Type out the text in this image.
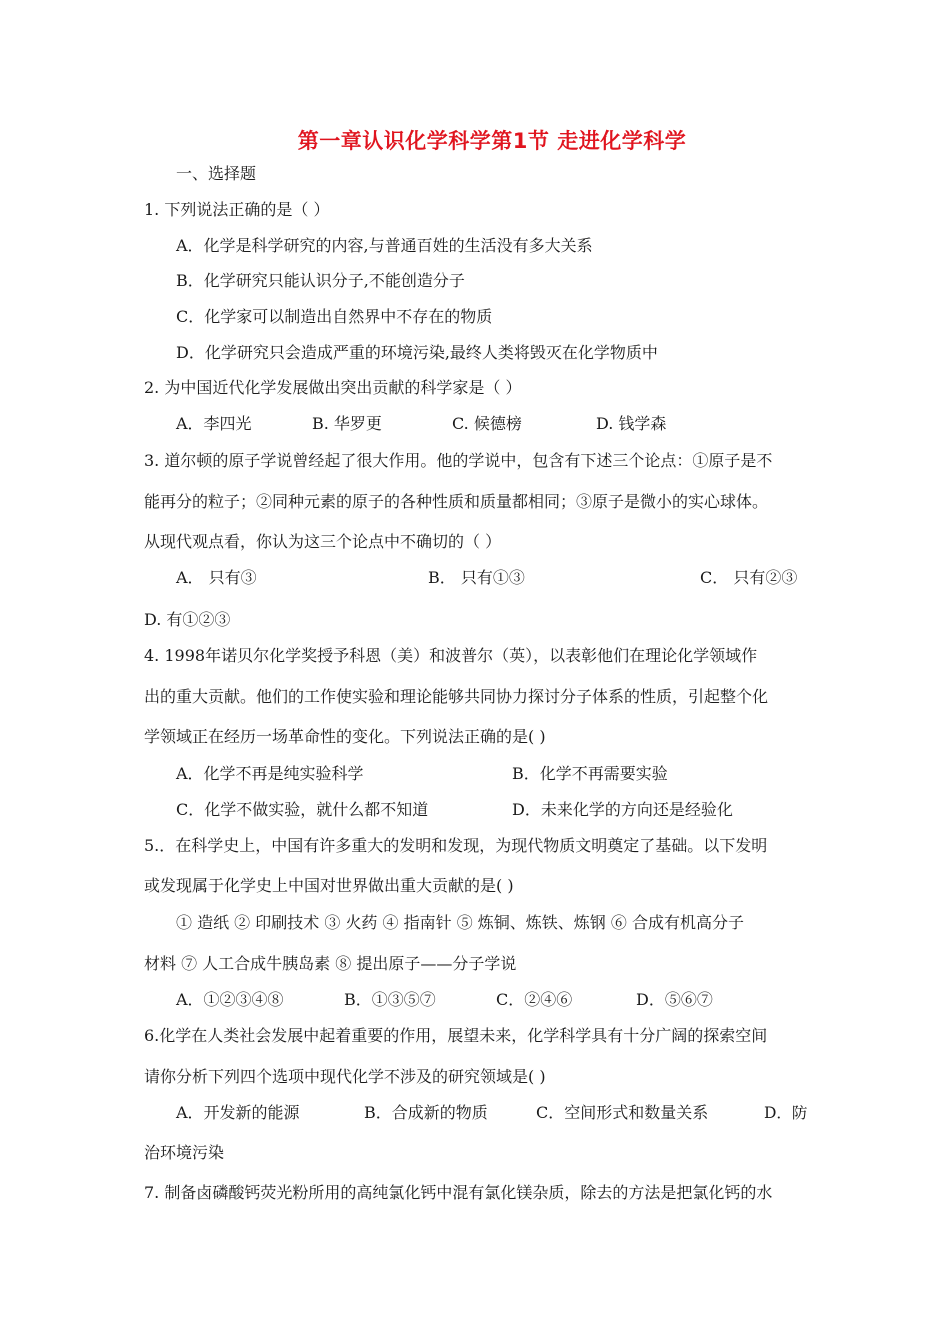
第一章认识化学科学第1节 走进化学科学
一、选择题
1. 下列说法正确的是（ ）
A．化学是科学研究的内容,与普通百姓的生活没有多大关系
B．化学研究只能认识分子,不能创造分子
C．化学家可以制造出自然界中不存在的物质
D．化学研究只会造成严重的环境污染,最终人类将毁灭在化学物质中
2. 为中国近代化学发展做出突出贡献的科学家是（ ）
A．李四光	B. 华罗更	C. 候德榜	D. 钱学森
3. 道尔顿的原子学说曾经起了很大作用。他的学说中，包含有下述三个论点：①原子是不
能再分的粒子；②同种元素的原子的各种性质和质量都相同；③原子是微小的实心球体。
从现代观点看，你认为这三个论点中不确切的（ ）
A． 只有③	B． 只有①③	C． 只有②③
D. 有①②③
4. 1998年诺贝尔化学奖授予科恩（美）和波普尔（英），以表彰他们在理论化学领域作
出的重大贡献。他们的工作使实验和理论能够共同协力探讨分子体系的性质，引起整个化
学领域正在经历一场革命性的变化。下列说法正确的是( )
A．化学不再是纯实验科学	B．化学不再需要实验
C．化学不做实验，就什么都不知道	D．未来化学的方向还是经验化
5.．在科学史上，中国有许多重大的发明和发现，为现代物质文明奠定了基础。以下发明
或发现属于化学史上中国对世界做出重大贡献的是( )
① 造纸 ② 印刷技术 ③ 火药 ④ 指南针 ⑤ 炼铜、炼铁、炼钢 ⑥ 合成有机高分子
材料 ⑦ 人工合成牛胰岛素 ⑧ 提出原子——分子学说
A．①②③④⑧	B．①③⑤⑦	C．②④⑥	D．⑤⑥⑦
6.化学在人类社会发展中起着重要的作用，展望未来，化学科学具有十分广阔的探索空间
请你分析下列四个选项中现代化学不涉及的研究领域是( )
A．开发新的能源	B．合成新的物质	C．空间形式和数量关系	D．防
治环境污染
7. 制备卤磷酸钙荧光粉所用的高纯氯化钙中混有氯化镁杂质，除去的方法是把氯化钙的水
